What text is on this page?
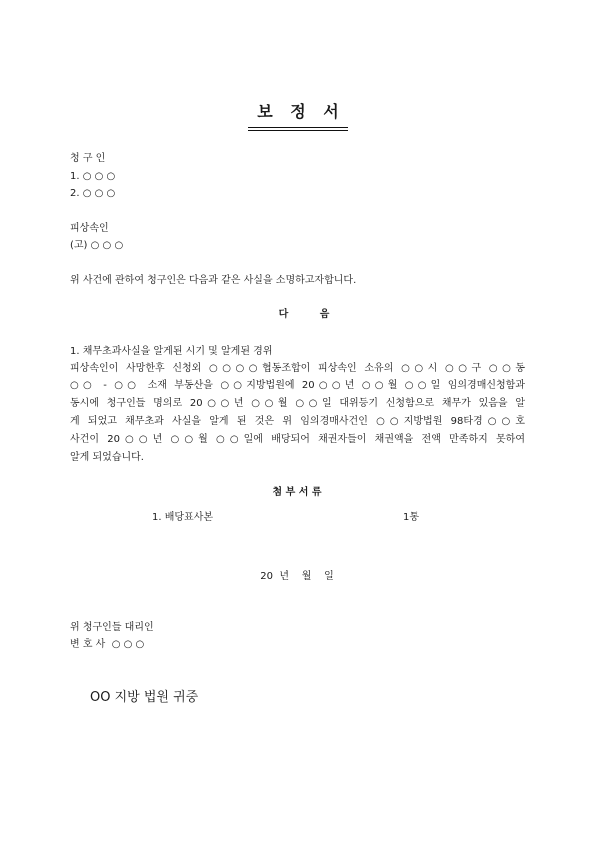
보 정 서
청 구 인
1. ○ ○ ○
2. ○ ○ ○
피상속인
(고) ○ ○ ○
위 사건에 관하여 청구인은 다음과 같은 사실을 소명하고자합니다.
다 음
1. 채무초과사실을 알게된 시기 및 알게된 경위
피상속인이 사망한후 신청외 ○○○○협동조합이 피상속인 소유의 ○○시 ○○구 ○○동
○○ - ○○ 소재 부동산을 ○○지방법원에 20○○년 ○○월 ○○일 임의경매신청함과
동시에 청구인들 명의로 20○○년 ○○월 ○○일 대위등기 신청함으로 채무가 있음을 알
게 되었고 채무초과 사실을 알게 된 것은 위 임의경매사건인 ○○지방법원 98타경○○호
사건이 20○○년 ○○월 ○○일에 배당되어 채권자들이 채권액을 전액 만족하지 못하여
알게 되었습니다.
첨 부 서 류
1. 배당표사본	1통
20  년    월    일
위 청구인들 대리인
변 호 사  ○ ○ ○
OO 지방 법원 귀중
